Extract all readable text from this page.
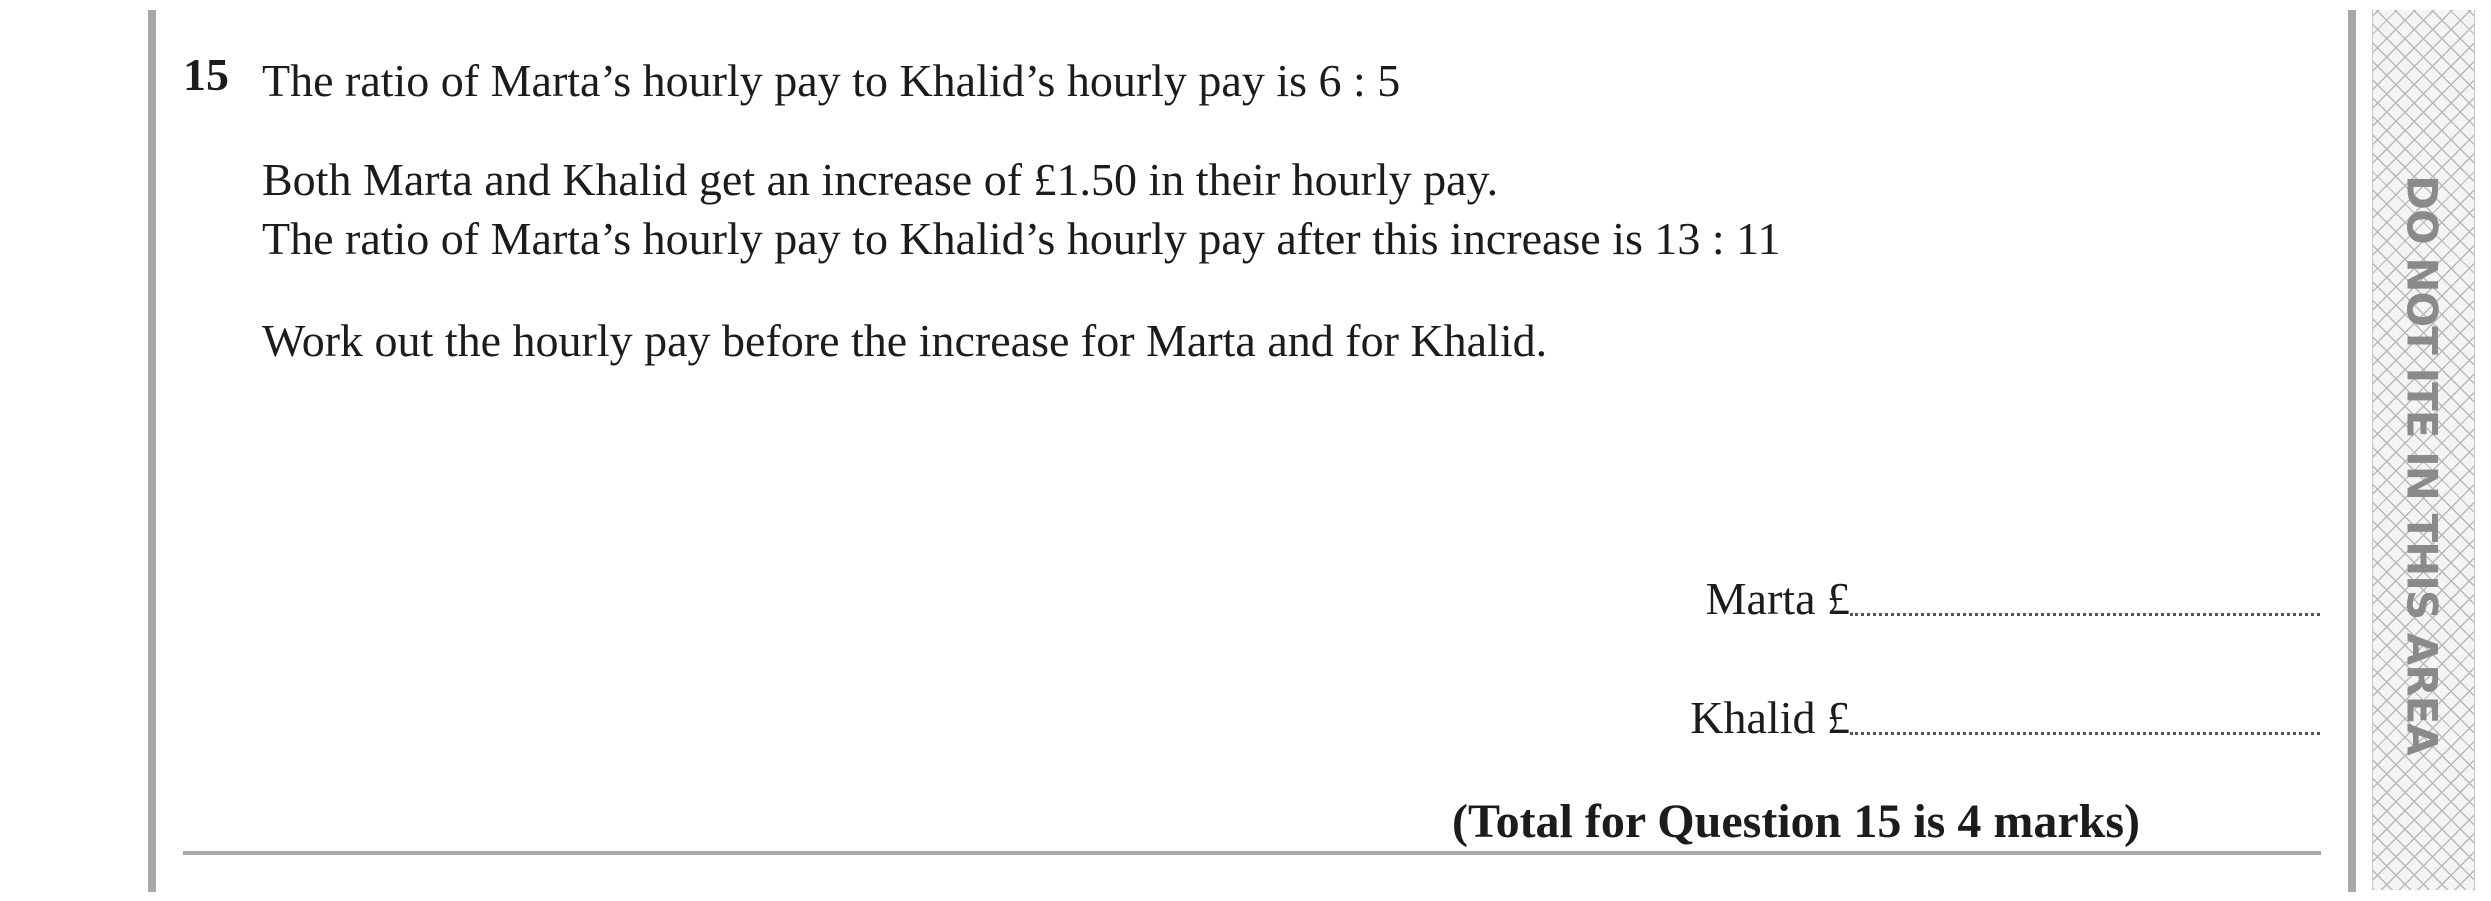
15 The ratio of Marta’s hourly pay to Khalid’s hourly pay is 6 : 5
Both Marta and Khalid get an increase of £1.50 in their hourly pay.
The ratio of Marta’s hourly pay to Khalid’s hourly pay after this increase is 13 : 11
Work out the hourly pay before the increase for Marta and for Khalid.
Marta £
Khalid £
(Total for Question 15 is 4 marks)
DO NOT ITE IN THIS AREA
